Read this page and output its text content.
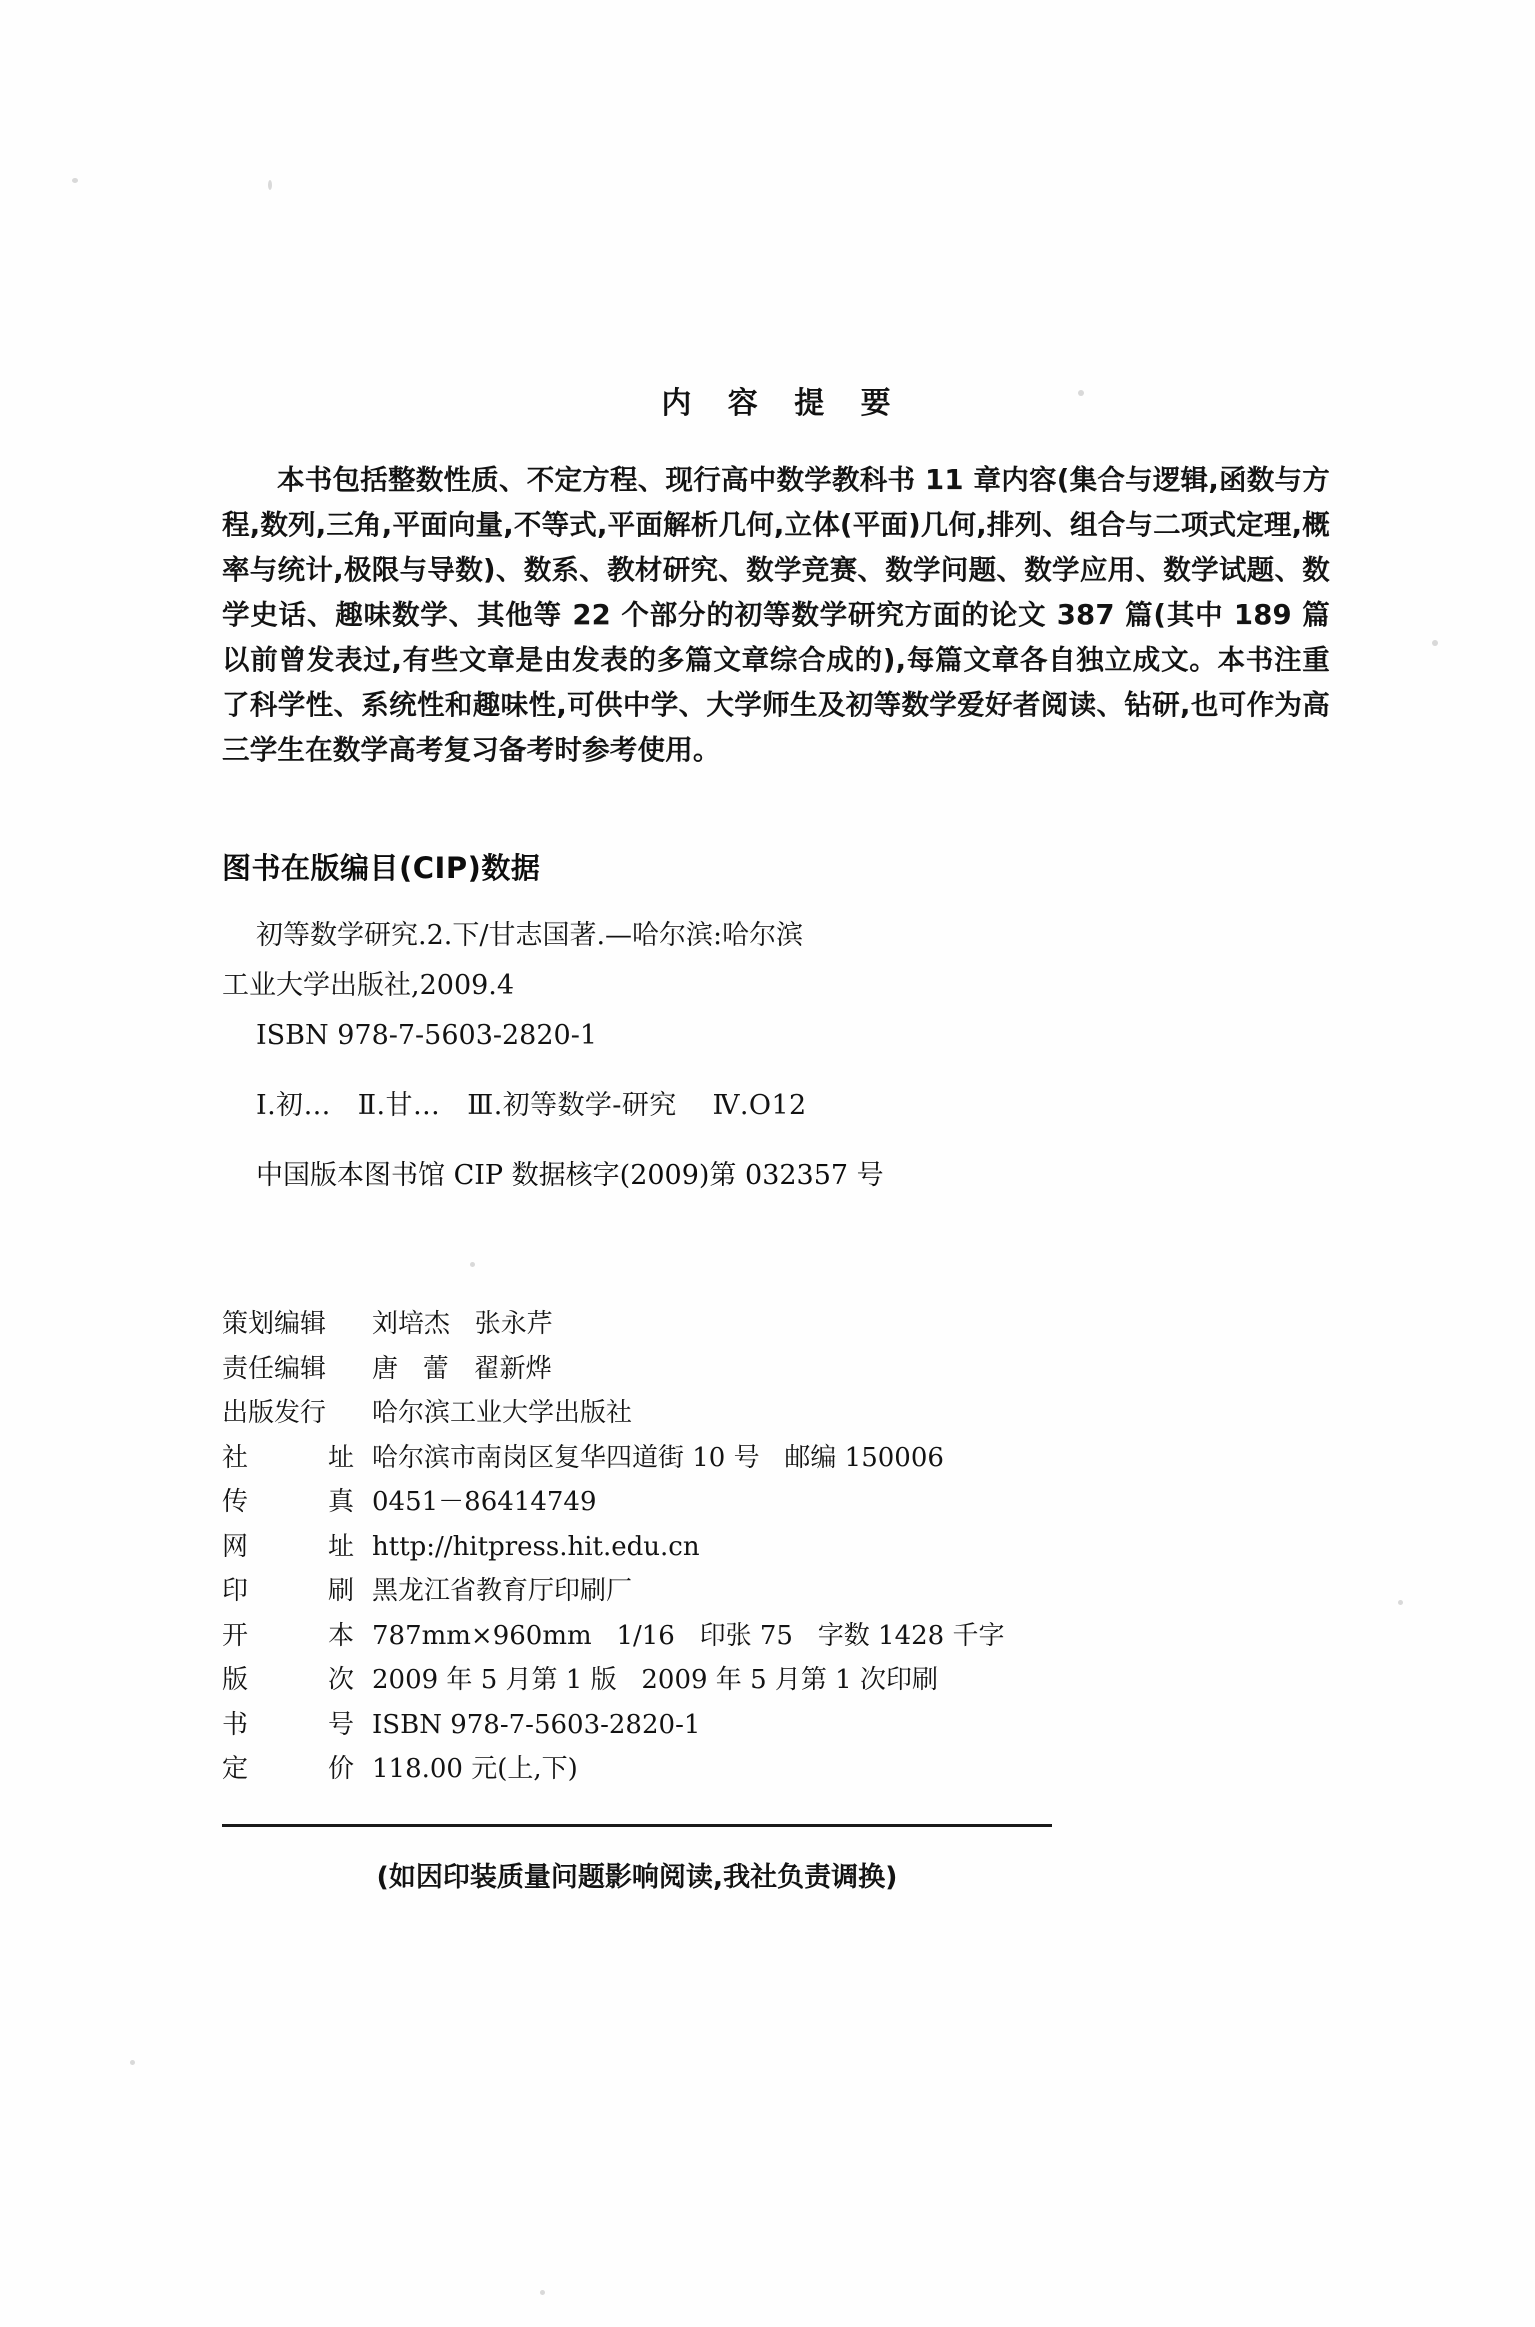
内 容 提 要

本书包括整数性质、不定方程、现行高中数学教科书 11 章内容(集合与逻辑,函数与方程,数列,三角,平面向量,不等式,平面解析几何,立体(平面)几何,排列、组合与二项式定理,概率与统计,极限与导数)、数系、教材研究、数学竞赛、数学问题、数学应用、数学试题、数学史话、趣味数学、其他等 22 个部分的初等数学研究方面的论文 387 篇(其中 189 篇以前曾发表过,有些文章是由发表的多篇文章综合成的),每篇文章各自独立成文。本书注重了科学性、系统性和趣味性,可供中学、大学师生及初等数学爱好者阅读、钻研,也可作为高三学生在数学高考复习备考时参考使用。

图书在版编目(CIP)数据
初等数学研究.2.下/甘志国著.—哈尔滨:哈尔滨
工业大学出版社,2009.4
ISBN 978-7-5603-2820-1
Ⅰ.初…   Ⅱ.甘…   Ⅲ.初等数学-研究    Ⅳ.O12
中国版本图书馆 CIP 数据核字(2009)第 032357 号
策划编辑	刘培杰   张永芹
责任编辑	唐   蕾   翟新烨
出版发行	哈尔滨工业大学出版社
社	址 哈尔滨市南岗区复华四道街 10 号   邮编 150006
传	真 0451－86414749
网	址 http://hitpress.hit.edu.cn
印	刷 黑龙江省教育厅印刷厂
开	本 787mm×960mm   1/16   印张 75   字数 1428 千字
版	次 2009 年 5 月第 1 版   2009 年 5 月第 1 次印刷
书	号 ISBN 978-7-5603-2820-1
定	价 118.00 元(上,下)
(如因印装质量问题影响阅读,我社负责调换)
